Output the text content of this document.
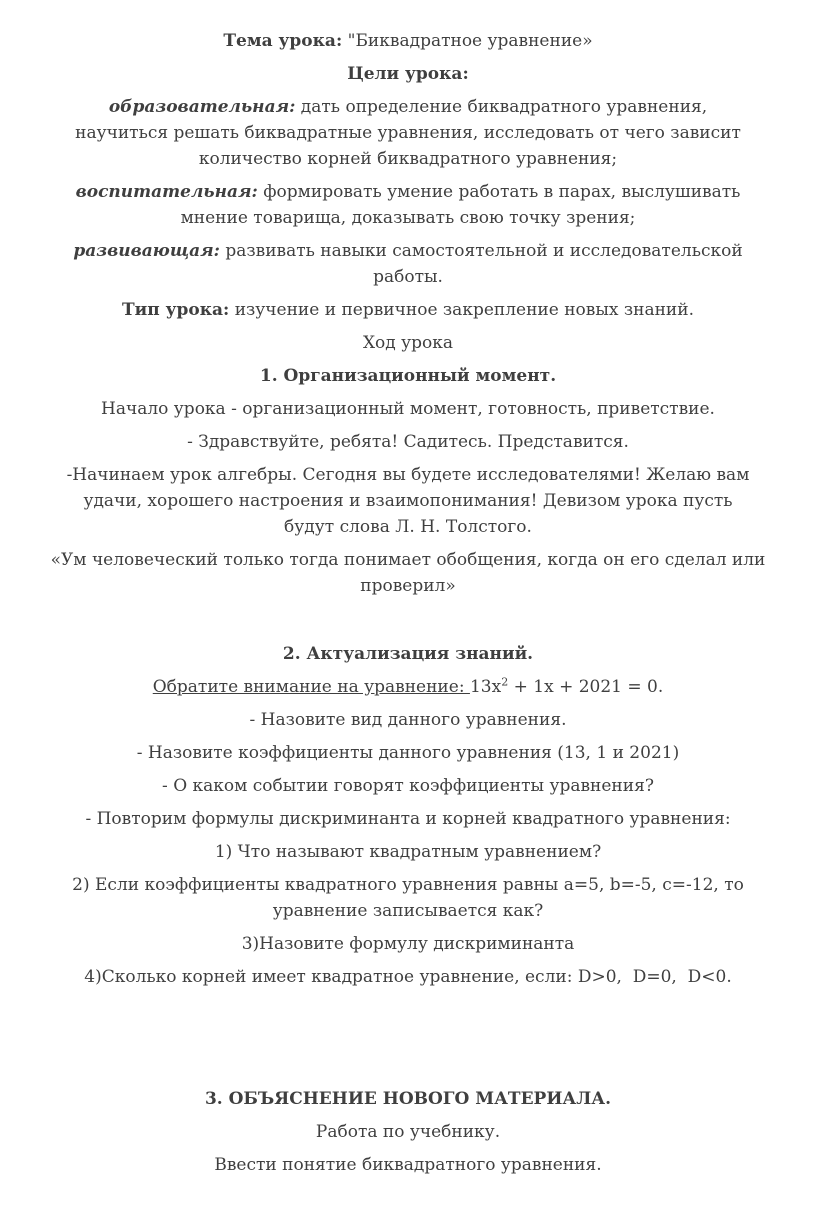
Тема урока: "Биквадратное уравнение»

Цели урока:

образовательная: дать определение биквадратного уравнения, научиться решать биквадратные уравнения, исследовать от чего зависит количество корней биквадратного уравнения;

воспитательная: формировать умение работать в парах, выслушивать мнение товарища, доказывать свою точку зрения;

развивающая: развивать навыки самостоятельной и исследовательской работы.

Тип урока: изучение и первичное закрепление новых знаний.

Ход урока

1. Организационный момент.

Начало урока - организационный момент, готовность, приветствие.

- Здравствуйте, ребята! Садитесь. Представится.

-Начинаем урок алгебры. Сегодня вы будете исследователями! Желаю вам удачи, хорошего настроения и взаимопонимания! Девизом урока пусть будут слова Л. Н. Толстого.

«Ум человеческий только тогда понимает обобщения, когда он его сделал или проверил»

2. Актуализация знаний.

Обратите внимание на уравнение: $13x^2 + 1x + 2021 = 0$.

- Назовите вид данного уравнения.

- Назовите коэффициенты данного уравнения (13, 1 и 2021)

- О каком событии говорят коэффициенты уравнения?

- Повторим формулы дискриминанта и корней квадратного уравнения:

1) Что называют квадратным уравнением?

2) Если коэффициенты квадратного уравнения равны a=5, b=-5, c=-12, то уравнение записывается как?

3)Назовите формулу дискриминанта

4)Сколько корней имеет квадратное уравнение, если: D>0,  D=0,  D<0.

3. ОБЪЯСНЕНИЕ НОВОГО МАТЕРИАЛА.

Работа по учебнику.

Ввести понятие биквадратного уравнения.
